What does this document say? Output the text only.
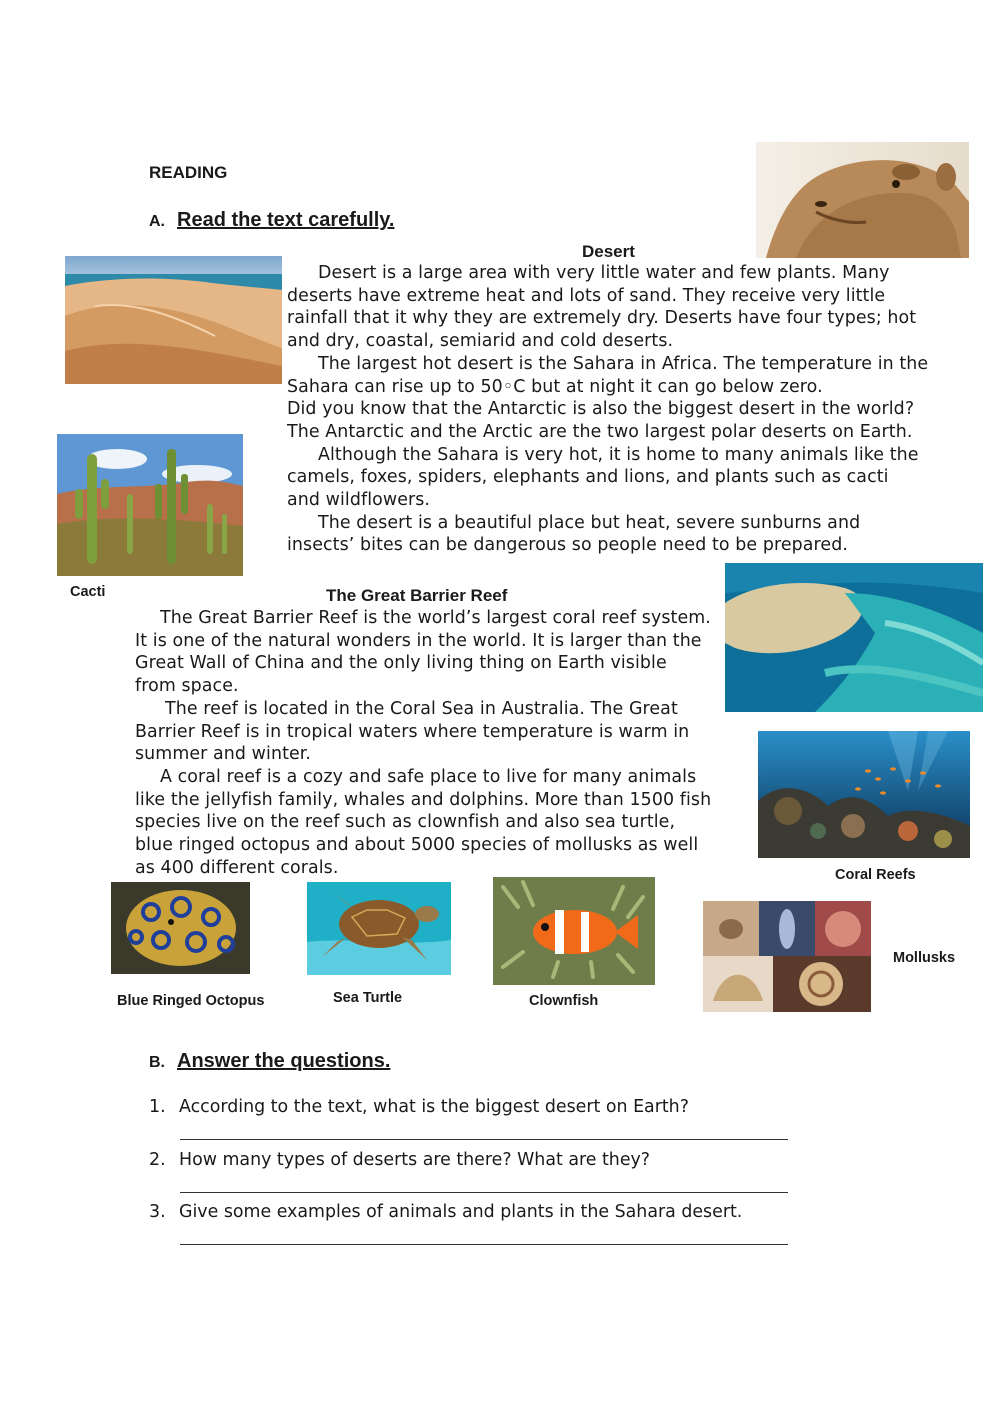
READING
A. Read the text carefully.
Desert

Desert is a large area with very little water and few plants. Many

deserts have extreme heat and lots of sand. They receive very little

rainfall that it why they are extremely dry. Deserts have four types; hot

and dry, coastal, semiarid and cold deserts.

The largest hot desert is the Sahara in Africa. The temperature in the

Sahara can rise up to 50◦C but at night it can go below zero.

Did you know that the Antarctic is also the biggest desert in the world?

The Antarctic and the Arctic are the two largest polar deserts on Earth.

Although the Sahara is very hot, it is home to many animals like the

camels, foxes, spiders, elephants and lions, and plants such as cacti

and wildflowers.

The desert is a beautiful place but heat, severe sunburns and

insects’ bites can be dangerous so people need to be prepared.

Cacti	The Great Barrier Reef

The Great Barrier Reef is the world’s largest coral reef system.

It is one of the natural wonders in the world. It is larger than the

Great Wall of China and the only living thing on Earth visible

from space.

The reef is located in the Coral Sea in Australia. The Great

Barrier Reef is in tropical waters where temperature is warm in

summer and winter.

A coral reef is a cozy and safe place to live for many animals

like the jellyfish family, whales and dolphins. More than 1500 fish

species live on the reef such as clownfish and also sea turtle,

blue ringed octopus and about 5000 species of mollusks as well

as 400 different corals.	Coral Reefs
Mollusks
Blue Ringed Octopus	Sea Turtle	Clownfish
B. Answer the questions.
1. According to the text, what is the biggest desert on Earth?
2. How many types of deserts are there? What are they?
3. Give some examples of animals and plants in the Sahara desert.
